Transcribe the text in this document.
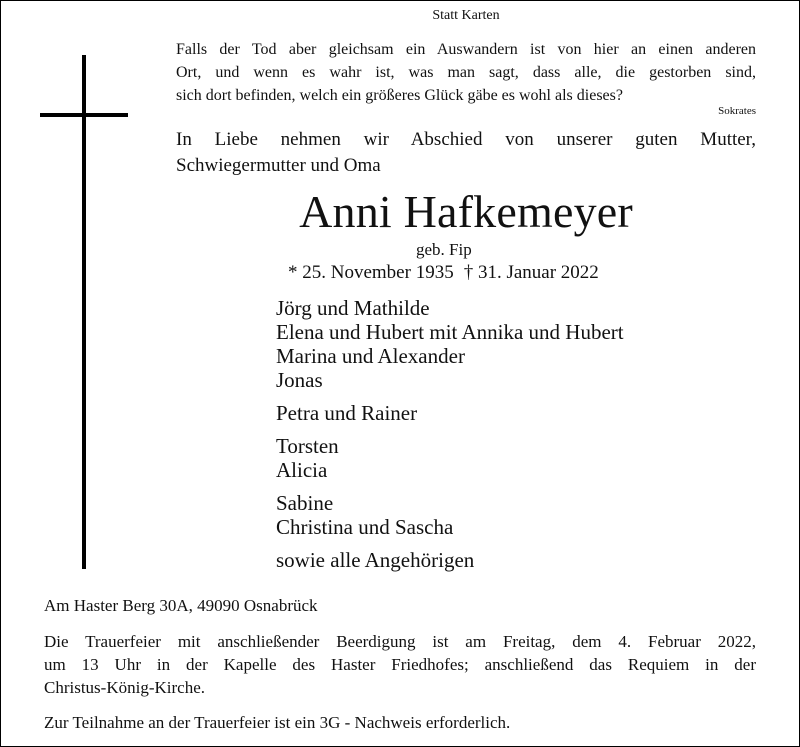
Statt Karten
Falls der Tod aber gleichsam ein Auswandern ist von hier an einen anderen
Ort, und wenn es wahr ist, was man sagt, dass alle, die gestorben sind,
sich dort befinden, welch ein größeres Glück gäbe es wohl als dieses?
Sokrates
In Liebe nehmen wir Abschied von unserer guten Mutter,
Schwiegermutter und Oma
Anni Hafkemeyer
geb. Fip
* 25. November 1935 † 31. Januar 2022
Jörg und Mathilde
Elena und Hubert mit Annika und Hubert
Marina und Alexander
Jonas
Petra und Rainer
Torsten
Alicia
Sabine
Christina und Sascha
sowie alle Angehörigen
Am Haster Berg 30A, 49090 Osnabrück
Die Trauerfeier mit anschließender Beerdigung ist am Freitag, dem 4. Februar 2022,
um 13 Uhr in der Kapelle des Haster Friedhofes; anschließend das Requiem in der
Christus-König-Kirche.
Zur Teilnahme an der Trauerfeier ist ein 3G - Nachweis erforderlich.
